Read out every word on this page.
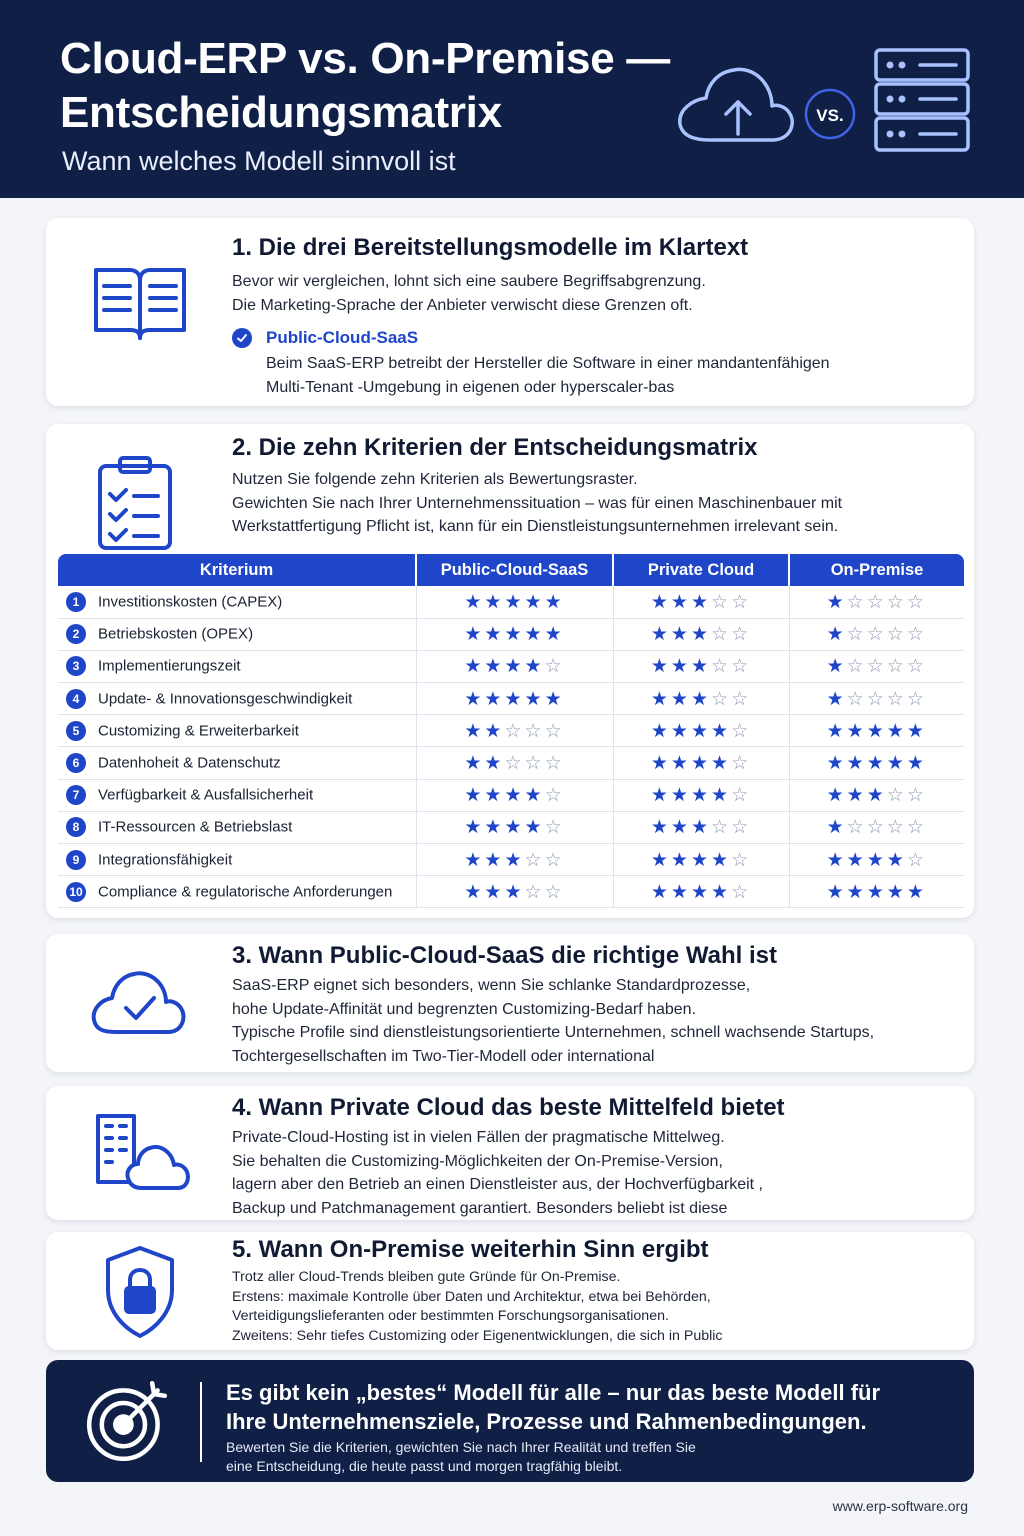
Cloud-ERP vs. On-Premise —
Entscheidungsmatrix
Wann welches Modell sinnvoll ist
VS.
1. Die drei Bereitstellungsmodelle im Klartext
Bevor wir vergleichen, lohnt sich eine saubere Begriffsabgrenzung.
Die Marketing-Sprache der Anbieter verwischt diese Grenzen oft.
Public-Cloud-SaaS
Beim SaaS-ERP betreibt der Hersteller die Software in einer mandantenfähigen
Multi-Tenant -Umgebung in eigenen oder hyperscaler-bas
2. Die zehn Kriterien der Entscheidungsmatrix
Nutzen Sie folgende zehn Kriterien als Bewertungsraster.
Gewichten Sie nach Ihrer Unternehmenssituation – was für einen Maschinenbauer mit
Werkstattfertigung Pflicht ist, kann für ein Dienstleistungsunternehmen irrelevant sein.
Kriterium	Public-Cloud-SaaS	Private Cloud	On-Premise
1 Investitionskosten (CAPEX)	★★★★★	★★★☆☆	★☆☆☆☆
2 Betriebskosten (OPEX)	★★★★★	★★★☆☆	★☆☆☆☆
3 Implementierungszeit	★★★★☆	★★★☆☆	★☆☆☆☆
4 Update- & Innovationsgeschwindigkeit	★★★★★	★★★☆☆	★☆☆☆☆
5 Customizing & Erweiterbarkeit	★★☆☆☆	★★★★☆	★★★★★
6 Datenhoheit & Datenschutz	★★☆☆☆	★★★★☆	★★★★★
7 Verfügbarkeit & Ausfallsicherheit	★★★★☆	★★★★☆	★★★☆☆
8 IT-Ressourcen & Betriebslast	★★★★☆	★★★☆☆	★☆☆☆☆
9 Integrationsfähigkeit	★★★☆☆	★★★★☆	★★★★☆
10 Compliance & regulatorische Anforderungen	★★★☆☆	★★★★☆	★★★★★
3. Wann Public-Cloud-SaaS die richtige Wahl ist
SaaS-ERP eignet sich besonders, wenn Sie schlanke Standardprozesse,
hohe Update-Affinität und begrenzten Customizing-Bedarf haben.
Typische Profile sind dienstleistungsorientierte Unternehmen, schnell wachsende Startups,
Tochtergesellschaften im Two-Tier-Modell oder international
4. Wann Private Cloud das beste Mittelfeld bietet
Private-Cloud-Hosting ist in vielen Fällen der pragmatische Mittelweg.
Sie behalten die Customizing-Möglichkeiten der On-Premise-Version,
lagern aber den Betrieb an einen Dienstleister aus, der Hochverfügbarkeit ,
Backup und Patchmanagement garantiert. Besonders beliebt ist diese
5. Wann On-Premise weiterhin Sinn ergibt
Trotz aller Cloud-Trends bleiben gute Gründe für On-Premise.
Erstens: maximale Kontrolle über Daten und Architektur, etwa bei Behörden,
Verteidigungslieferanten oder bestimmten Forschungsorganisationen.
Zweitens: Sehr tiefes Customizing oder Eigenentwicklungen, die sich in Public
Es gibt kein „bestes“ Modell für alle – nur das beste Modell für
Ihre Unternehmensziele, Prozesse und Rahmenbedingungen.
Bewerten Sie die Kriterien, gewichten Sie nach Ihrer Realität und treffen Sie
eine Entscheidung, die heute passt und morgen tragfähig bleibt.
www.erp-software.org
